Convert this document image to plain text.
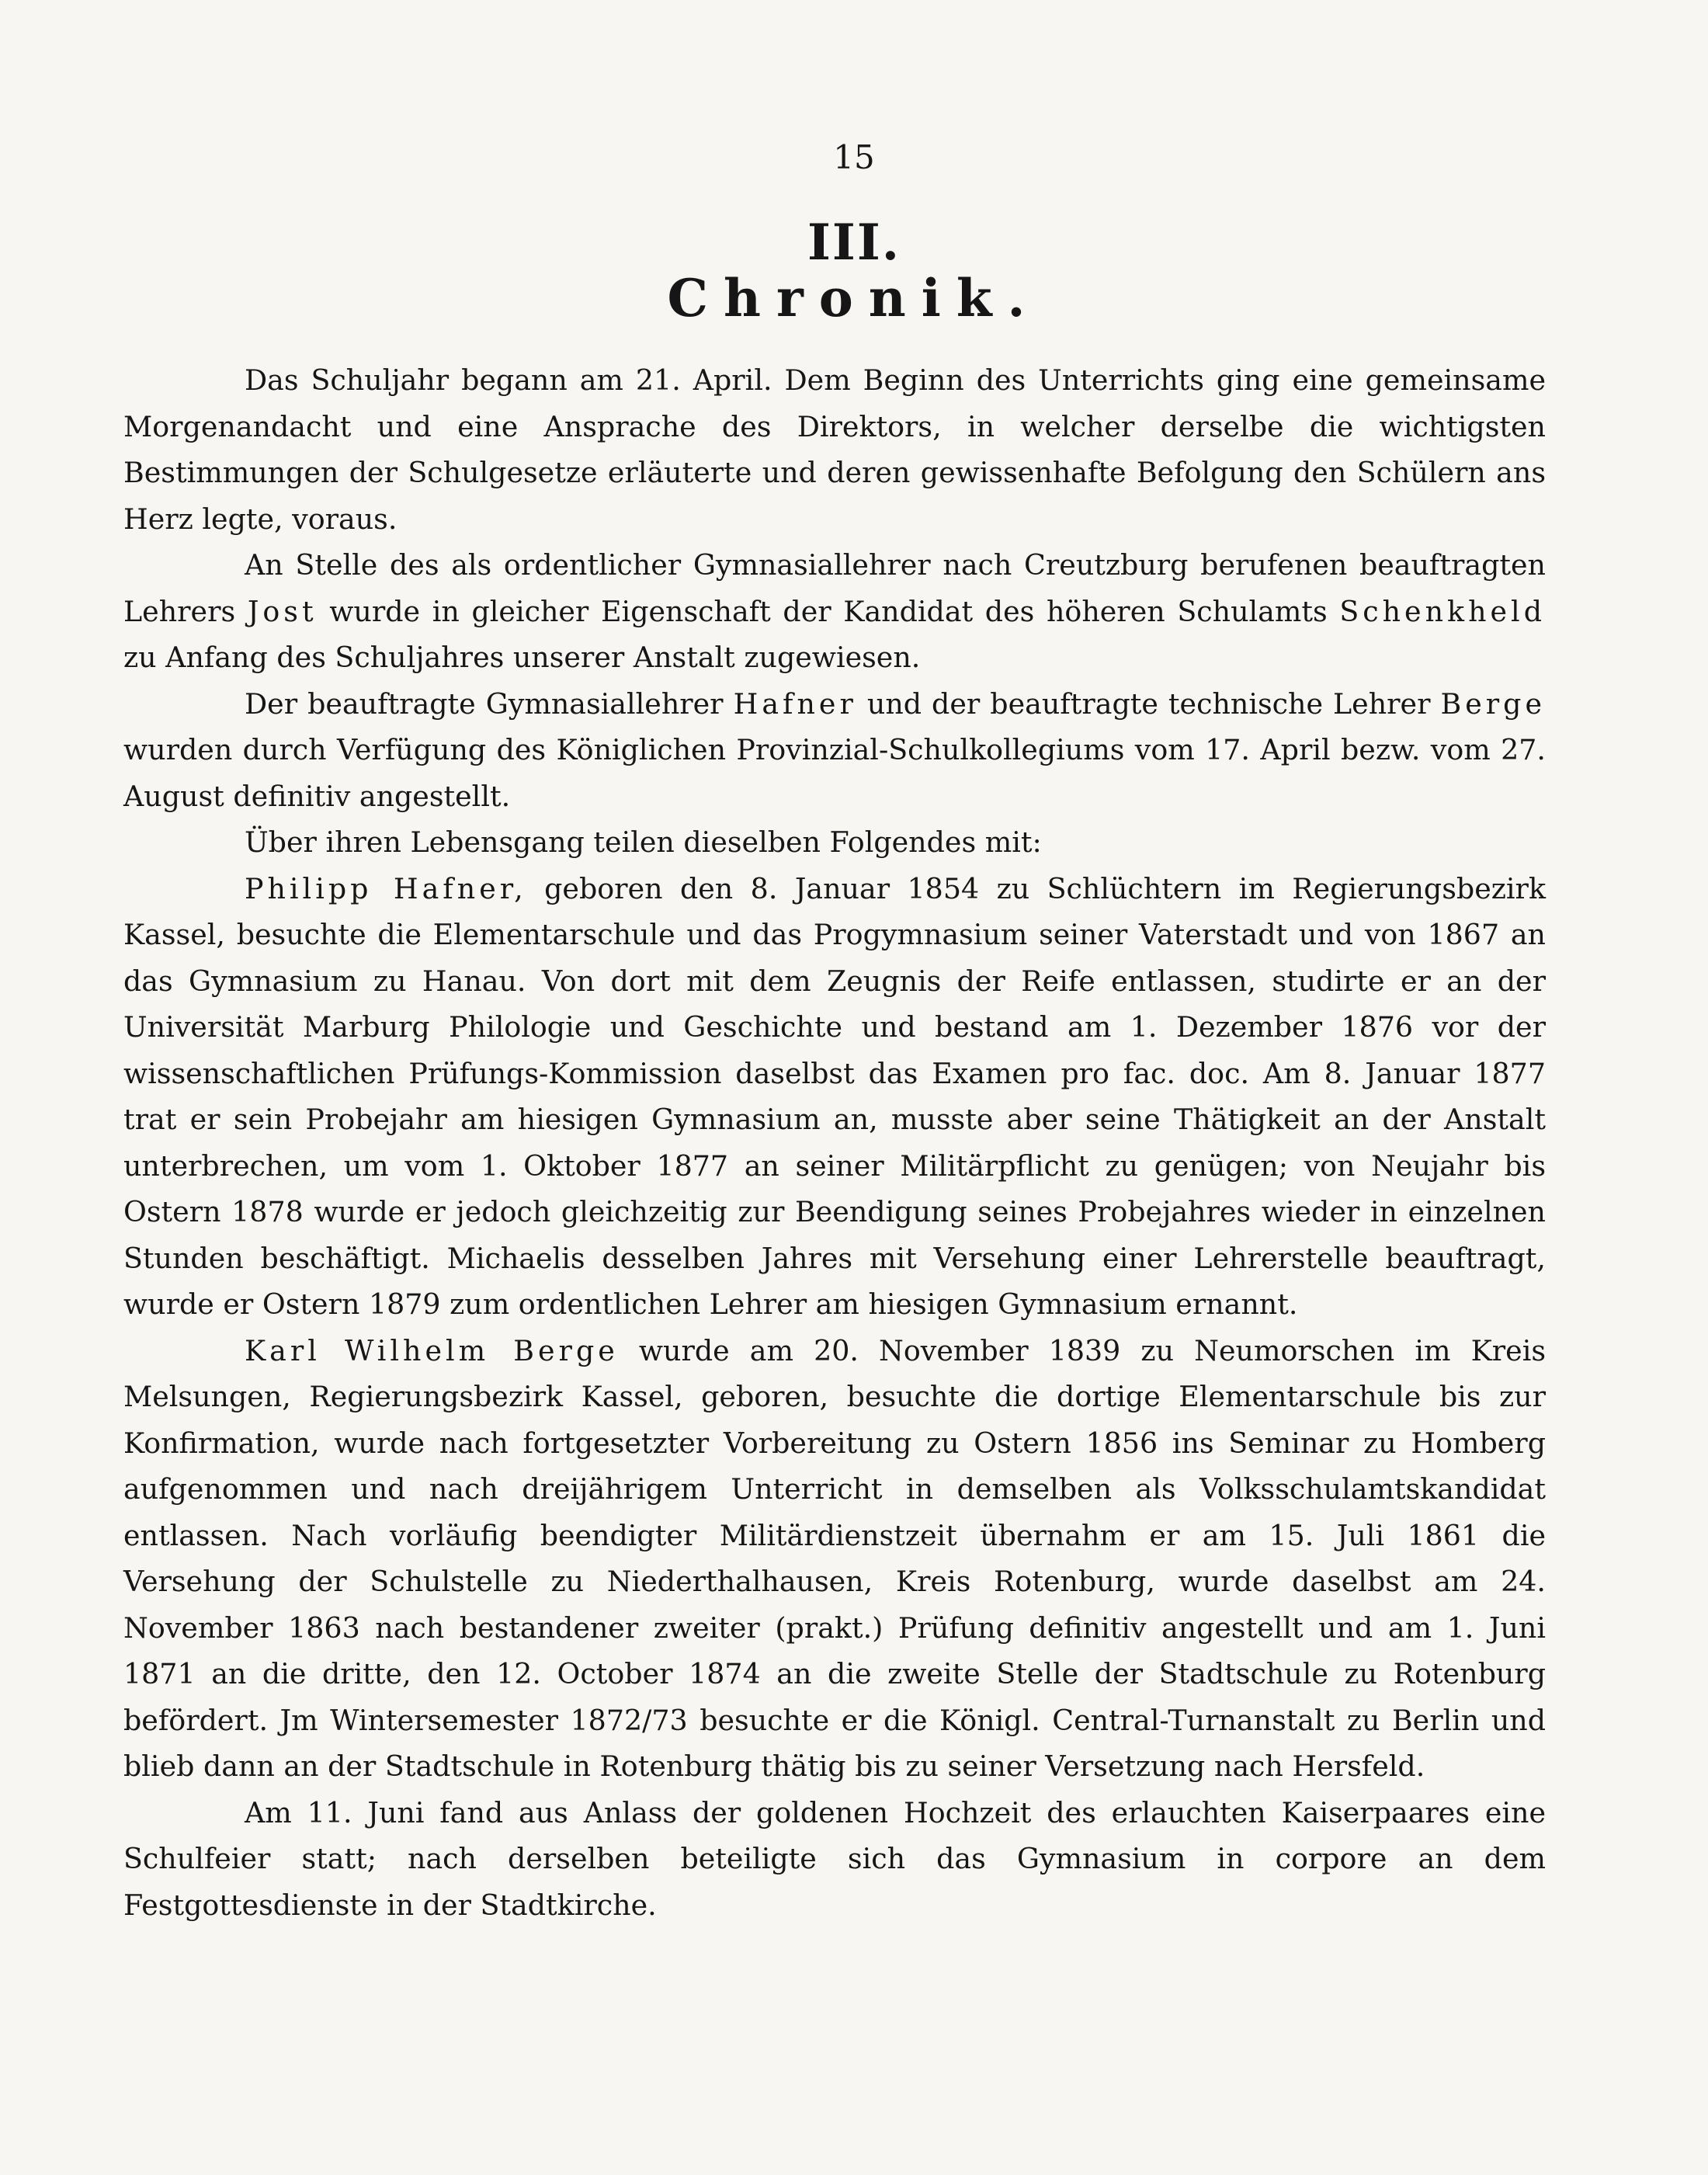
15
III.
Chronik.

Das Schuljahr begann am 21. April. Dem Beginn des Unterrichts ging eine gemeinsame Morgenandacht und eine Ansprache des Direktors, in welcher derselbe die wichtigsten Bestimmungen der Schulgesetze erläuterte und deren gewissenhafte Befolgung den Schülern ans Herz legte, voraus.

An Stelle des als ordentlicher Gymnasiallehrer nach Creutzburg berufenen beauftragten Lehrers Jost wurde in gleicher Eigenschaft der Kandidat des höheren Schulamts Schenkheld zu Anfang des Schuljahres unserer Anstalt zugewiesen.

Der beauftragte Gymnasiallehrer Hafner und der beauftragte technische Lehrer Berge wurden durch Verfügung des Königlichen Provinzial-Schulkollegiums vom 17. April bezw. vom 27. August definitiv angestellt.

Über ihren Lebensgang teilen dieselben Folgendes mit:

Philipp Hafner, geboren den 8. Januar 1854 zu Schlüchtern im Regierungsbezirk Kassel, besuchte die Elementarschule und das Progymnasium seiner Vaterstadt und von 1867 an das Gymnasium zu Hanau. Von dort mit dem Zeugnis der Reife entlassen, studirte er an der Universität Marburg Philologie und Geschichte und bestand am 1. Dezember 1876 vor der wissenschaftlichen Prüfungs-Kommission daselbst das Examen pro fac. doc. Am 8. Januar 1877 trat er sein Probejahr am hiesigen Gymnasium an, musste aber seine Thätigkeit an der Anstalt unterbrechen, um vom 1. Oktober 1877 an seiner Militärpflicht zu genügen; von Neujahr bis Ostern 1878 wurde er jedoch gleichzeitig zur Beendigung seines Probejahres wieder in einzelnen Stunden beschäftigt. Michaelis desselben Jahres mit Versehung einer Lehrerstelle beauftragt, wurde er Ostern 1879 zum ordentlichen Lehrer am hiesigen Gymnasium ernannt.

Karl Wilhelm Berge wurde am 20. November 1839 zu Neumorschen im Kreis Melsungen, Regierungsbezirk Kassel, geboren, besuchte die dortige Elementarschule bis zur Konfirmation, wurde nach fortgesetzter Vorbereitung zu Ostern 1856 ins Seminar zu Homberg aufgenommen und nach dreijährigem Unterricht in demselben als Volksschulamtskandidat entlassen. Nach vorläufig beendigter Militärdienstzeit übernahm er am 15. Juli 1861 die Versehung der Schulstelle zu Niederthalhausen, Kreis Rotenburg, wurde daselbst am 24. November 1863 nach bestandener zweiter (prakt.) Prüfung definitiv angestellt und am 1. Juni 1871 an die dritte, den 12. October 1874 an die zweite Stelle der Stadtschule zu Rotenburg befördert. Jm Wintersemester 1872/73 besuchte er die Königl. Central-Turnanstalt zu Berlin und blieb dann an der Stadtschule in Rotenburg thätig bis zu seiner Versetzung nach Hersfeld.

Am 11. Juni fand aus Anlass der goldenen Hochzeit des erlauchten Kaiserpaares eine Schulfeier statt; nach derselben beteiligte sich das Gymnasium in corpore an dem Festgottesdienste in der Stadtkirche.
